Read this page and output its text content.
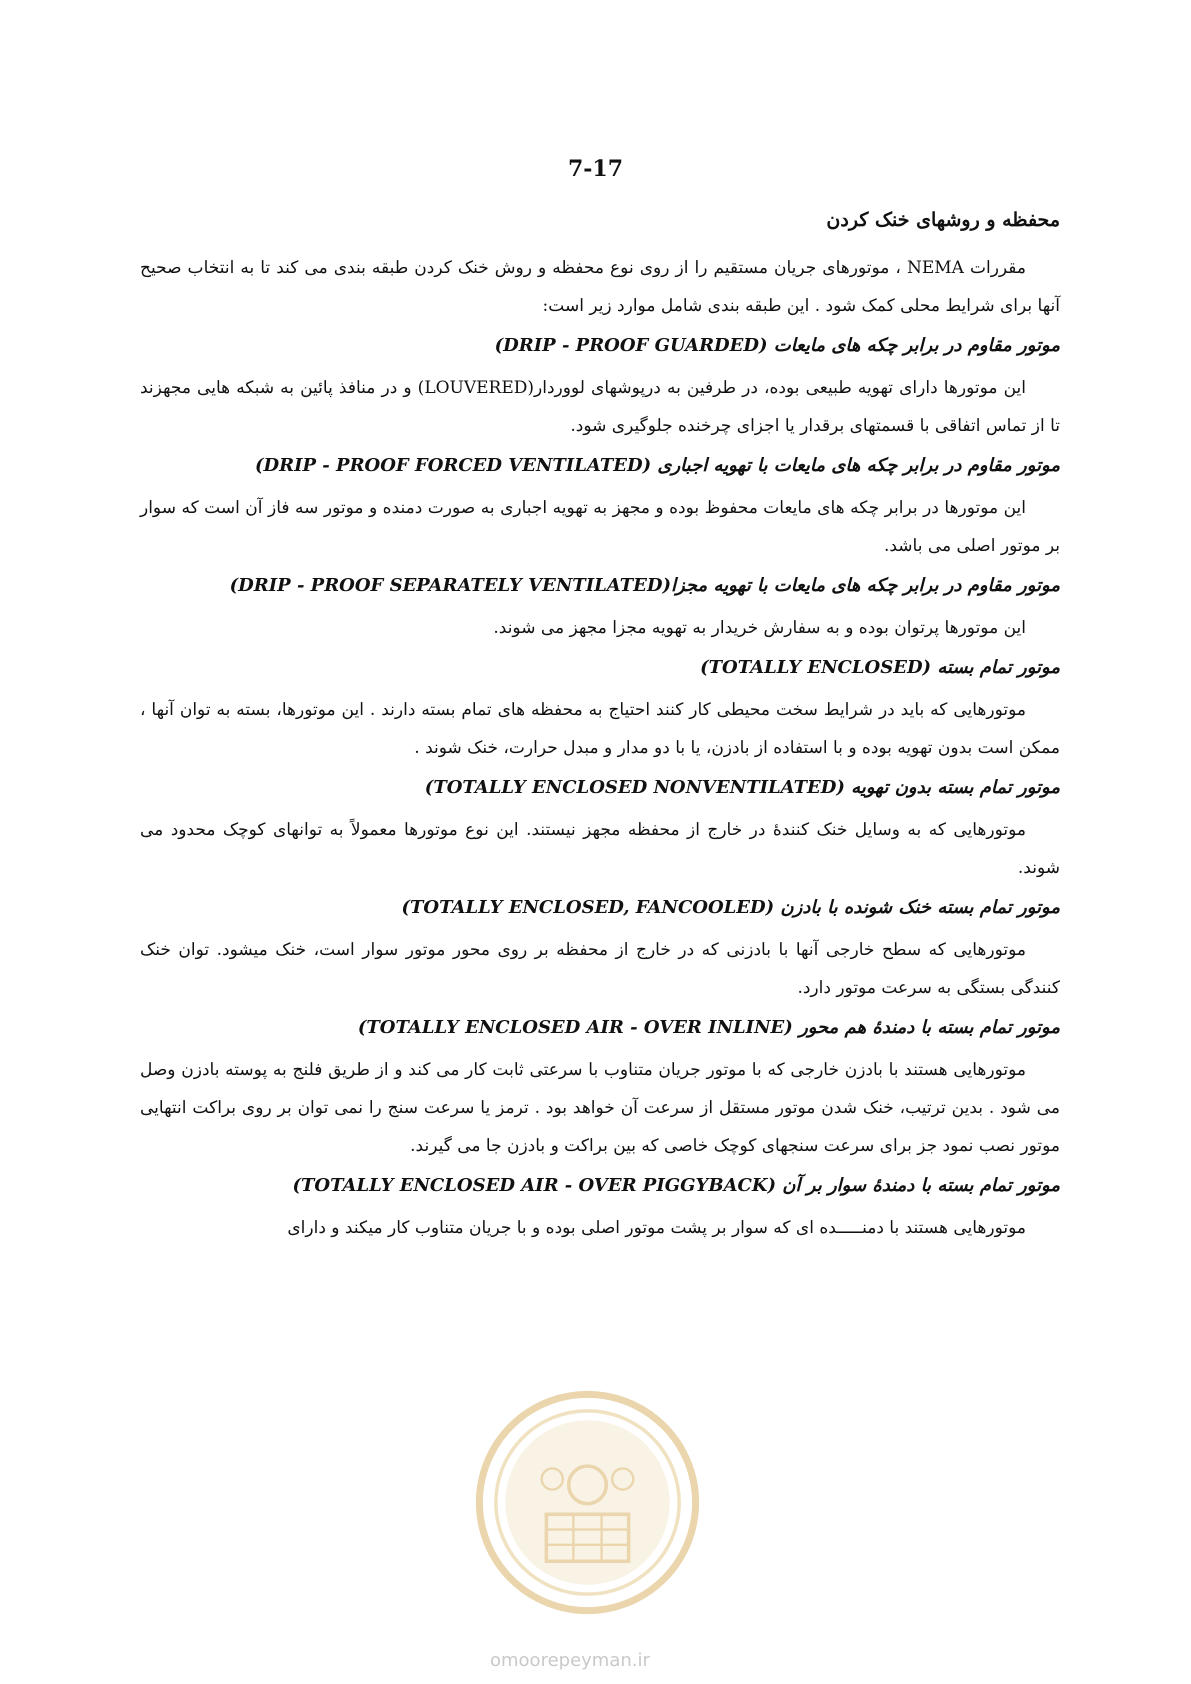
7-17
محفظه و روشهای خنک کردن

مقررات NEMA ، موتورهای جریان مستقیم را از روی نوع محفظه و روش خنک کردن طبقه بندی می کند تا به انتخاب صحیح آنها برای شرایط محلی کمک شود . این طبقه بندی شامل موارد زیر است:

موتور مقاوم در برابر چکه های مایعات (DRIP - PROOF GUARDED)

این موتورها دارای تهویه طبیعی بوده، در طرفین به درپوشهای لووردار(LOUVERED) و در منافذ پائین به شبکه هایی مجهزند تا از تماس اتفاقی با قسمتهای برقدار یا اجزای چرخنده جلوگیری شود.

موتور مقاوم در برابر چکه های مایعات با تهویه اجباری (DRIP - PROOF FORCED VENTILATED)

این موتورها در برابر چکه های مایعات محفوظ بوده و مجهز به تهویه اجباری به صورت دمنده و موتور سه فاز آن است که سوار بر موتور اصلی می باشد.

موتور مقاوم در برابر چکه های مایعات با تهویه مجزا(DRIP - PROOF SEPARATELY VENTILATED)

این موتورها پرتوان بوده و به سفارش خریدار به تهویه مجزا مجهز می شوند.

موتور تمام بسته (TOTALLY ENCLOSED)

موتورهایی که باید در شرایط سخت محیطی کار کنند احتیاج به محفظه های تمام بسته دارند . این موتورها، بسته به توان آنها ، ممکن است بدون تهویه بوده و با استفاده از بادزن، یا با دو مدار و مبدل حرارت، خنک شوند .

موتور تمام بسته بدون تهویه (TOTALLY ENCLOSED NONVENTILATED)

موتورهایی که به وسایل خنک کنندهٔ در خارج از محفظه مجهز نیستند. این نوع موتورها معمولاً به توانهای کوچک محدود می شوند.

موتور تمام بسته خنک شونده با بادزن (TOTALLY ENCLOSED, FANCOOLED)

موتورهایی که سطح خارجی آنها با بادزنی که در خارج از محفظه بر روی محور موتور سوار است، خنک میشود. توان خنک کنندگی بستگی به سرعت موتور دارد.

موتور تمام بسته با دمندهٔ هم محور (TOTALLY ENCLOSED AIR - OVER INLINE)

موتورهایی هستند با بادزن خارجی که با موتور جریان متناوب با سرعتی ثابت کار می کند و از طریق فلنج به پوسته بادزن وصل می شود . بدین ترتیب، خنک شدن موتور مستقل از سرعت آن خواهد بود . ترمز یا سرعت سنج را نمی توان بر روی براکت انتهایی موتور نصب نمود جز برای سرعت سنجهای کوچک خاصی که بین براکت و بادزن جا می گیرند.

موتور تمام بسته با دمندهٔ سوار بر آن (TOTALLY ENCLOSED AIR - OVER PIGGYBACK)

موتورهایی هستند با دمنـــــده ای که سوار بر پشت موتور اصلی بوده و با جریان متناوب کار میکند و دارای

omoorepeyman.ir
